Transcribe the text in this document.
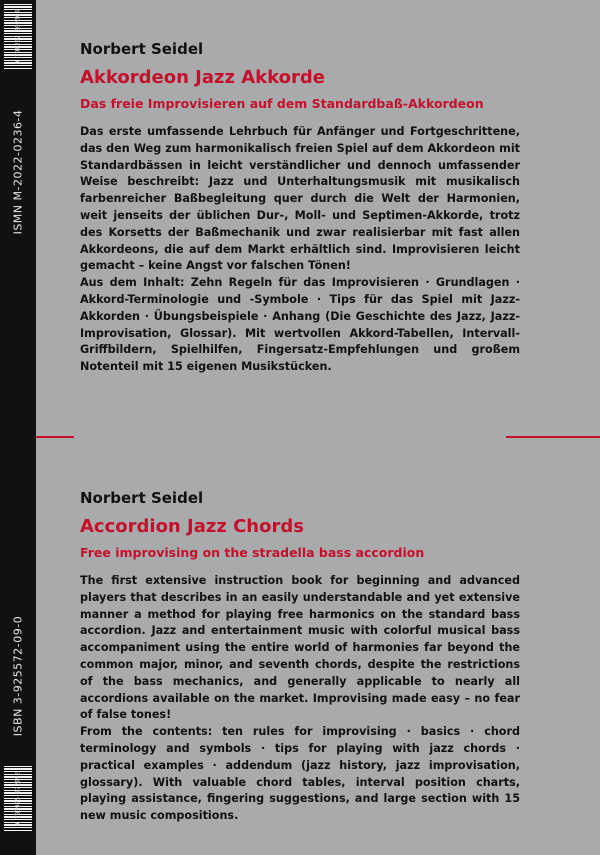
9 790202 202364
ISMN M-2022-0236-4
ISBN 3-925572-09-0
9 783925 572092
Norbert Seidel
Akkordeon Jazz Akkorde
Das freie Improvisieren auf dem Standardbaß-Akkordeon

Das erste umfassende Lehrbuch für Anfänger und Fortgeschrittene, das den Weg zum harmonikalisch freien Spiel auf dem Akkordeon mit Standardbässen in leicht verständlicher und dennoch umfassender Weise beschreibt: Jazz und Unterhaltungsmusik mit musikalisch farbenreicher Baßbegleitung quer durch die Welt der Harmonien, weit jenseits der üblichen Dur-, Moll- und Septimen-Akkorde, trotz des Korsetts der Baßmechanik und zwar realisierbar mit fast allen Akkordeons, die auf dem Markt erhältlich sind. Improvisieren leicht gemacht – keine Angst vor falschen Tönen!

Aus dem Inhalt: Zehn Regeln für das Improvisieren · Grundlagen · Akkord-Terminologie und -Symbole · Tips für das Spiel mit Jazz-Akkorden · Übungsbeispiele · Anhang (Die Geschichte des Jazz, Jazz-Improvisation, Glossar). Mit wertvollen Akkord-Tabellen, Intervall-Griffbildern, Spielhilfen, Fingersatz-Empfehlungen und großem Notenteil mit 15 eigenen Musikstücken.

Norbert Seidel
Accordion Jazz Chords
Free improvising on the stradella bass accordion

The first extensive instruction book for beginning and advanced players that describes in an easily understandable and yet extensive manner a method for playing free harmonics on the standard bass accordion. Jazz and entertainment music with colorful musical bass accompaniment using the entire world of harmonies far beyond the common major, minor, and seventh chords, despite the restrictions of the bass mechanics, and generally applicable to nearly all accordions available on the market. Improvising made easy – no fear of false tones!

From the contents: ten rules for improvising · basics · chord terminology and symbols · tips for playing with jazz chords · practical examples · addendum (jazz history, jazz improvisation, glossary). With valuable chord tables, interval position charts, playing assistance, fingering suggestions, and large section with 15 new music compositions.
